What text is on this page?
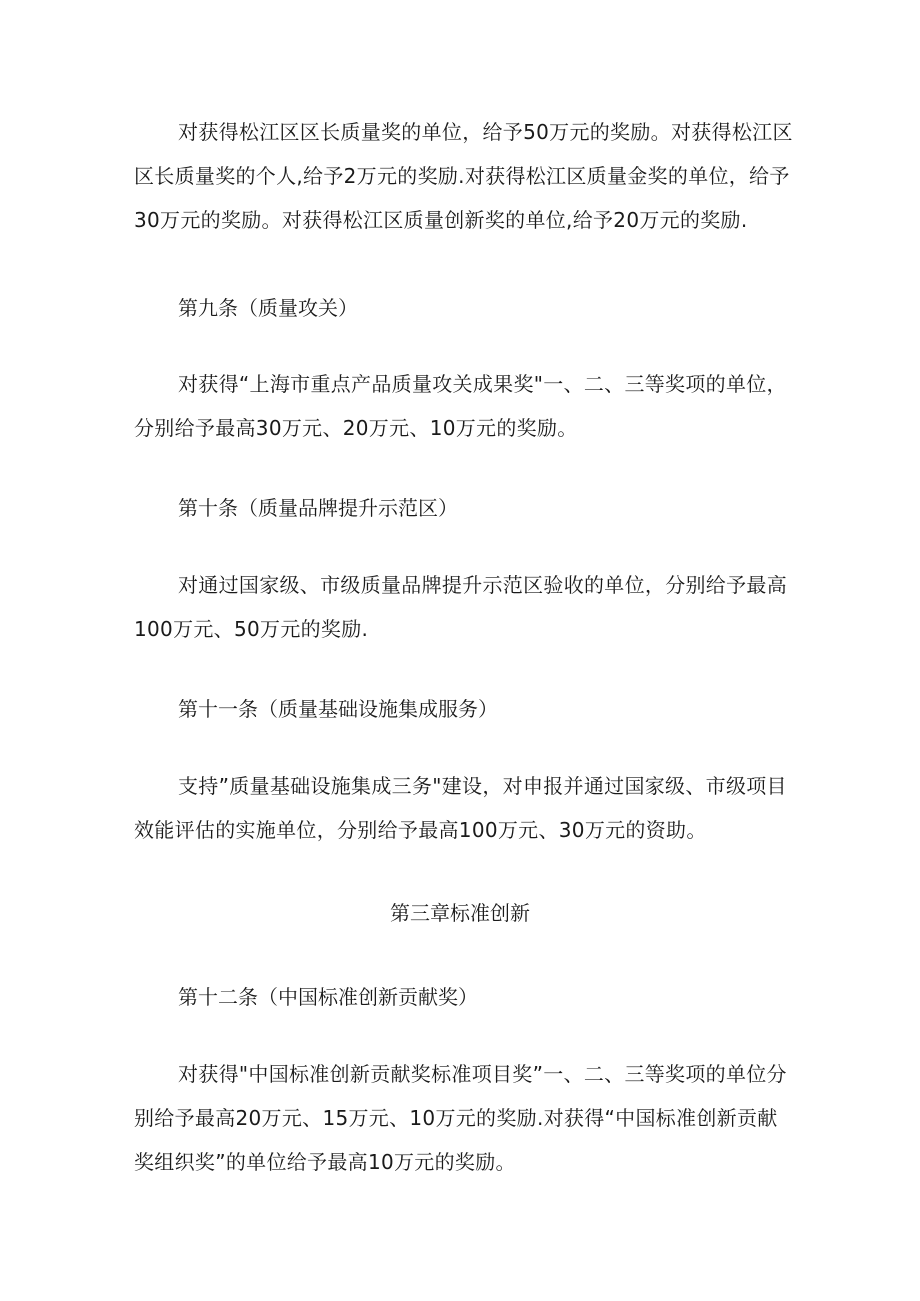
对获得松江区区长质量奖的单位，给予50万元的奖励。对获得松江区区长质量奖的个人,给予2万元的奖励.对获得松江区质量金奖的单位，给予30万元的奖励。对获得松江区质量创新奖的单位,给予20万元的奖励.

第九条（质量攻关）

对获得“上海市重点产品质量攻关成果奖"一、二、三等奖项的单位，分别给予最高30万元、20万元、10万元的奖励。

第十条（质量品牌提升示范区）

对通过国家级、市级质量品牌提升示范区验收的单位，分别给予最高100万元、50万元的奖励.

第十一条（质量基础设施集成服务）

支持”质量基础设施集成三务"建设，对申报并通过国家级、市级项目效能评估的实施单位，分别给予最高100万元、30万元的资助。

第三章标准创新

第十二条（中国标准创新贡献奖）

对获得"中国标准创新贡献奖标准项目奖”一、二、三等奖项的单位分别给予最高20万元、15万元、10万元的奖励.对获得“中国标准创新贡献奖组织奖”的单位给予最高10万元的奖励。
